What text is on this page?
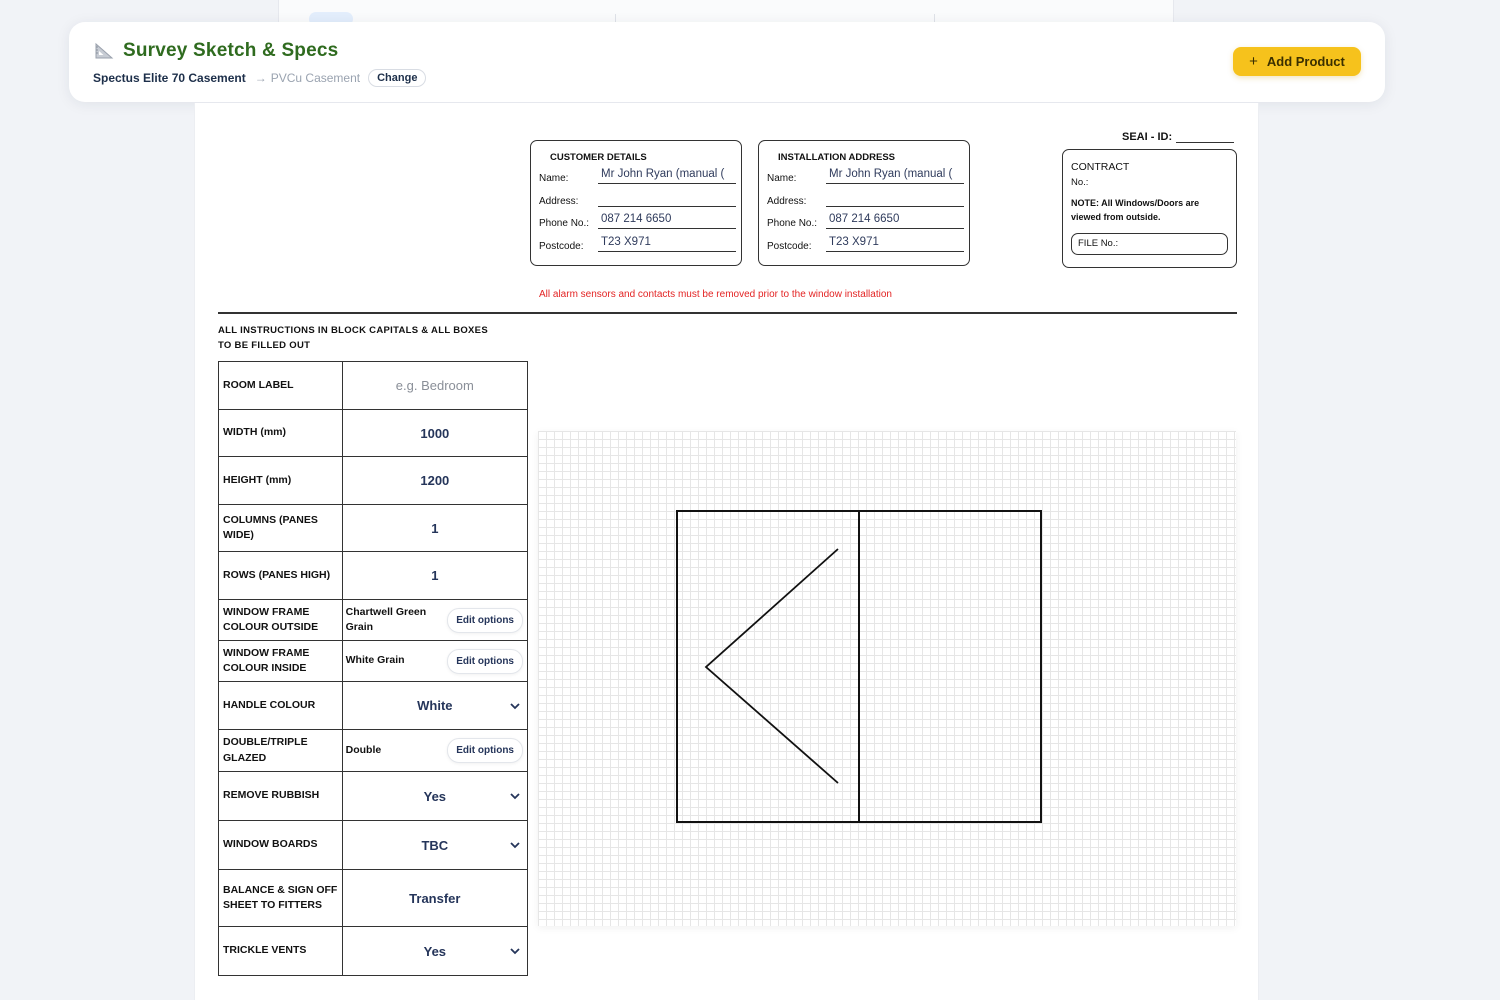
Survey Sketch & Specs
Spectus Elite 70 Casement → PVCu Casement	Change
+ Add Product
CUSTOMER DETAILS
Name:	Mr John Ryan (manual (
Address:
Phone No.:	087 214 6650
Postcode:	T23 X971
INSTALLATION ADDRESS
Name:	Mr John Ryan (manual (
Address:
Phone No.:	087 214 6650
Postcode:	T23 X971
SEAI - ID:
CONTRACT
No.:
NOTE: All Windows/Doors are viewed from outside.
FILE No.:
All alarm sensors and contacts must be removed prior to the window installation
ALL INSTRUCTIONS IN BLOCK CAPITALS & ALL BOXES
TO BE FILLED OUT
ROOM LABEL	e.g. Bedroom

WIDTH (mm)	1000

HEIGHT (mm)	1200

COLUMNS (PANES WIDE)	1

ROWS (PANES HIGH)	1

WINDOW FRAME COLOUR OUTSIDE	Chartwell Green Grain
Edit options

WINDOW FRAME COLOUR INSIDE	White Grain Edit options

HANDLE COLOUR	White

DOUBLE/TRIPLE GLAZED	Double Edit options

REMOVE RUBBISH	Yes

WINDOW BOARDS	TBC

BALANCE & SIGN OFF SHEET TO FITTERS	Transfer

TRICKLE VENTS	Yes
